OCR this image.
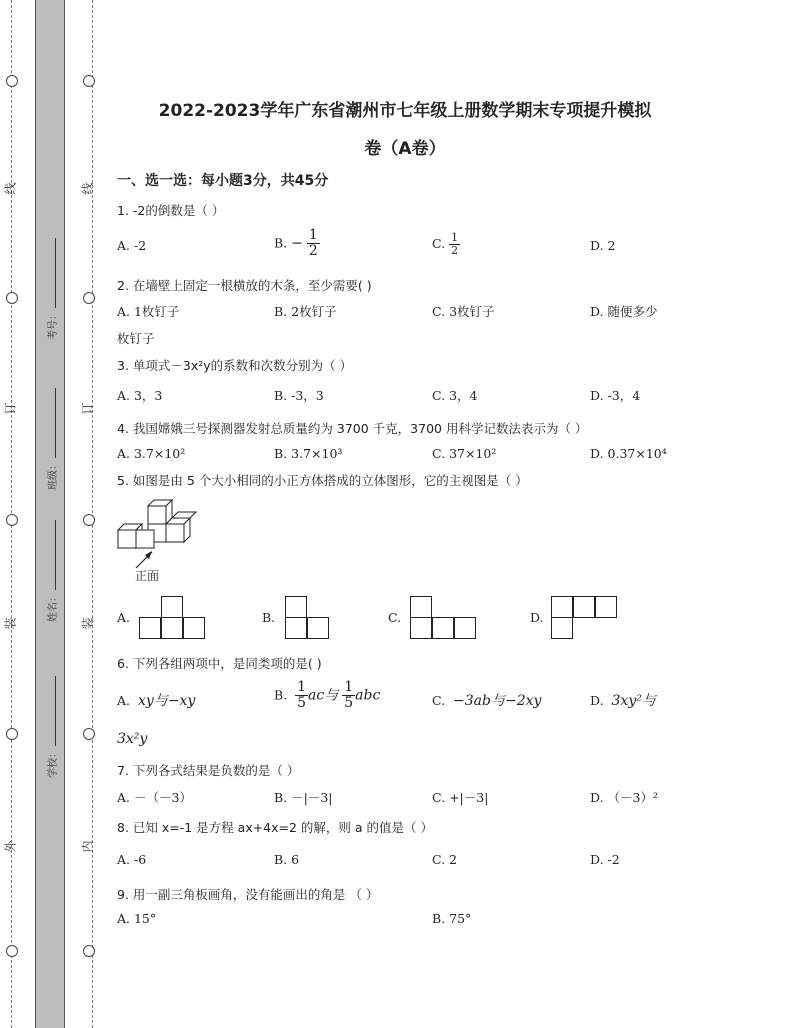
线
订
装
外
线
订
装
内
考号：
班级：
姓名：
学校：
2022-2023学年广东省潮州市七年级上册数学期末专项提升模拟
卷（A卷）
一、选一选：每小题3分，共45分
1. -2的倒数是（ ）
A. -2	B. − $\frac{1}{2}$	C. $\frac{1}{2}$	D. 2
2. 在墙壁上固定一根横放的木条，至少需要( )
A. 1枚钉子	B. 2枚钉子	C. 3枚钉子	D. 随便多少
枚钉子
3. 单项式－3x²y的系数和次数分别为（ ）
A. 3，3	B. -3，3	C. 3，4	D. -3，4
4. 我国嫦娥三号探测器发射总质量约为 3700 千克，3700 用科学记数法表示为（ ）
A. 3.7×10²	B. 3.7×10³	C. 37×10²	D. 0.37×10⁴
5. 如图是由 5 个大小相同的小正方体搭成的立体图形，它的主视图是（ ）
正面
A.	B.	C.	D.
6. 下列各组两项中，是同类项的是( )
A. xy与−xy	B. $\frac{1}{5}$ ac与 $\frac{1}{5}$ abc	C. −3ab与−2xy	D. 3xy²与
3x²y
7. 下列各式结果是负数的是（ ）
A. －（－3）	B. －|－3|	C. +|－3|	D. （－3）²
8. 已知 x=-1 是方程 ax+4x=2 的解，则 a 的值是（ ）
A. -6	B. 6	C. 2	D. -2
9. 用一副三角板画角，没有能画出的角是 （ ）
A. 15°	B. 75°
